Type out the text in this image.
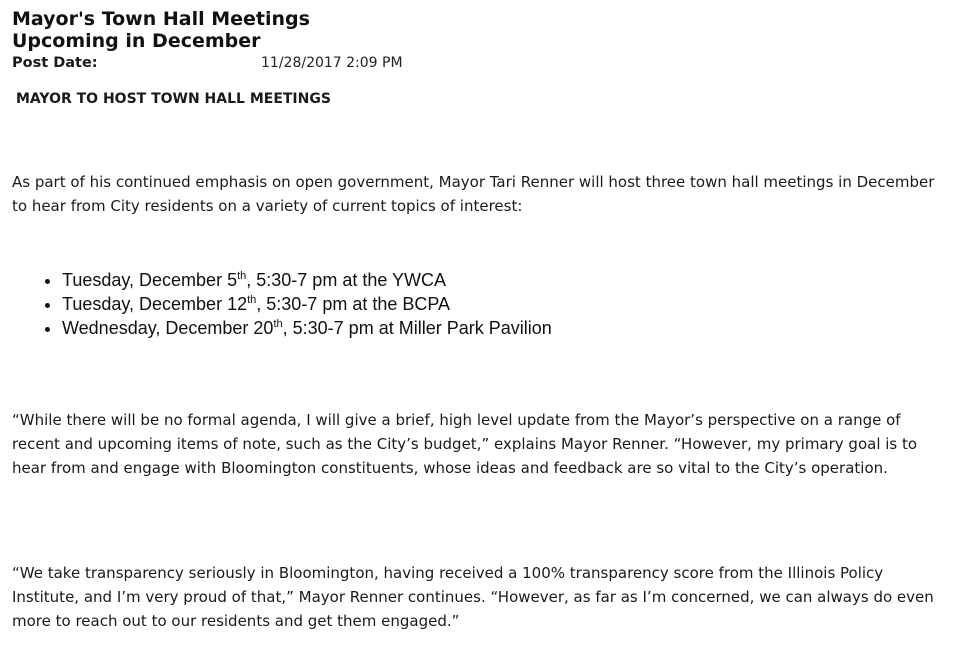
Mayor's Town Hall Meetings
Upcoming in December
Post Date:	11/28/2017 2:09 PM
MAYOR TO HOST TOWN HALL MEETINGS
As part of his continued emphasis on open government, Mayor Tari Renner will host three town hall meetings in December to hear from City residents on a variety of current topics of interest:
• Tuesday, December 5th, 5:30-7 pm at the YWCA
• Tuesday, December 12th, 5:30-7 pm at the BCPA
• Wednesday, December 20th, 5:30-7 pm at Miller Park Pavilion
“While there will be no formal agenda, I will give a brief, high level update from the Mayor’s perspective on a range of recent and upcoming items of note, such as the City’s budget,” explains Mayor Renner. “However, my primary goal is to hear from and engage with Bloomington constituents, whose ideas and feedback are so vital to the City’s operation.
“We take transparency seriously in Bloomington, having received a 100% transparency score from the Illinois Policy Institute, and I’m very proud of that,” Mayor Renner continues. “However, as far as I’m concerned, we can always do even more to reach out to our residents and get them engaged.”
